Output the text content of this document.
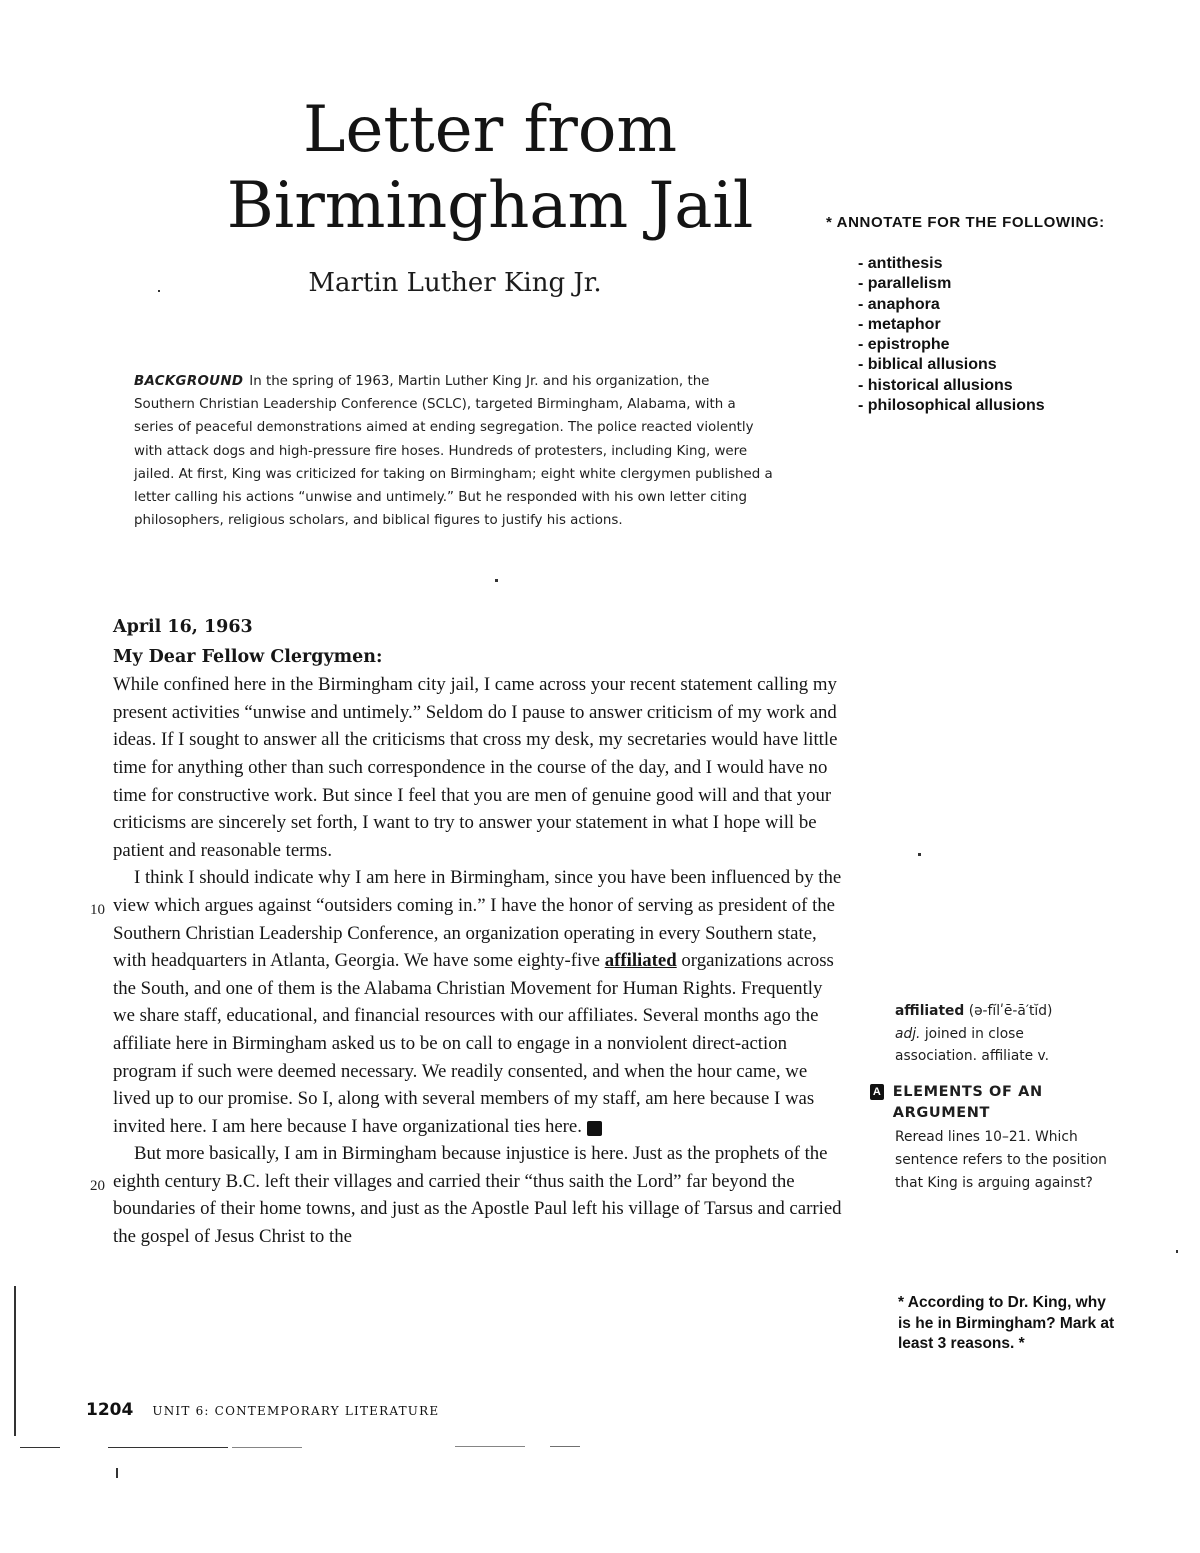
Letter from
Birmingham Jail
Martin Luther King Jr.
* ANNOTATE FOR THE FOLLOWING:
- antithesis
- parallelism
- anaphora
- metaphor
- epistrophe
- biblical allusions
- historical allusions
- philosophical allusions
BACKGROUND In the spring of 1963, Martin Luther King Jr. and his organization, the Southern Christian Leadership Conference (SCLC), targeted Birmingham, Alabama, with a series of peaceful demonstrations aimed at ending segregation. The police reacted violently with attack dogs and high-pressure fire hoses. Hundreds of protesters, including King, were jailed. At first, King was criticized for taking on Birmingham; eight white clergymen published a letter calling his actions “unwise and untimely.” But he responded with his own letter citing philosophers, religious scholars, and biblical figures to justify his actions.
April 16, 1963
My Dear Fellow Clergymen:

While confined here in the Birmingham city jail, I came across your recent statement calling my present activities “unwise and untimely.” Seldom do I pause to answer criticism of my work and ideas. If I sought to answer all the criticisms that cross my desk, my secretaries would have little time for anything other than such correspondence in the course of the day, and I would have no time for constructive work. But since I feel that you are men of genuine good will and that your criticisms are sincerely set forth, I want to try to answer your statement in what I hope will be patient and reasonable terms.

I think I should indicate why I am here in Birmingham, since you have been influenced by the view which argues against “outsiders coming in.” I have the honor of serving as president of the Southern Christian Leadership Conference, an organization operating in every Southern state, with headquarters in Atlanta, Georgia. We have some eighty-five affiliated organizations across the South, and one of them is the Alabama Christian Movement for Human Rights. Frequently we share staff, educational, and financial resources with our affiliates. Several months ago the affiliate here in Birmingham asked us to be on call to engage in a nonviolent direct-action program if such were deemed necessary. We readily consented, and when the hour came, we lived up to our promise. So I, along with several members of my staff, am here because I was invited here. I am here because I have organizational ties here. A

But more basically, I am in Birmingham because injustice is here. Just as the prophets of the eighth century B.C. left their villages and carried their “thus saith the Lord” far beyond the boundaries of their home towns, and just as the Apostle Paul left his village of Tarsus and carried the gospel of Jesus Christ to the

10
20
affiliated (ə-fĭlʹē-ā′tĭd)
adj. joined in close association. affiliate v.
A ELEMENTS OF AN ARGUMENT
Reread lines 10–21. Which sentence refers to the position that King is arguing against?
* According to Dr. King, why is he in Birmingham? Mark at least 3 reasons. *
1204 UNIT 6: CONTEMPORARY LITERATURE
